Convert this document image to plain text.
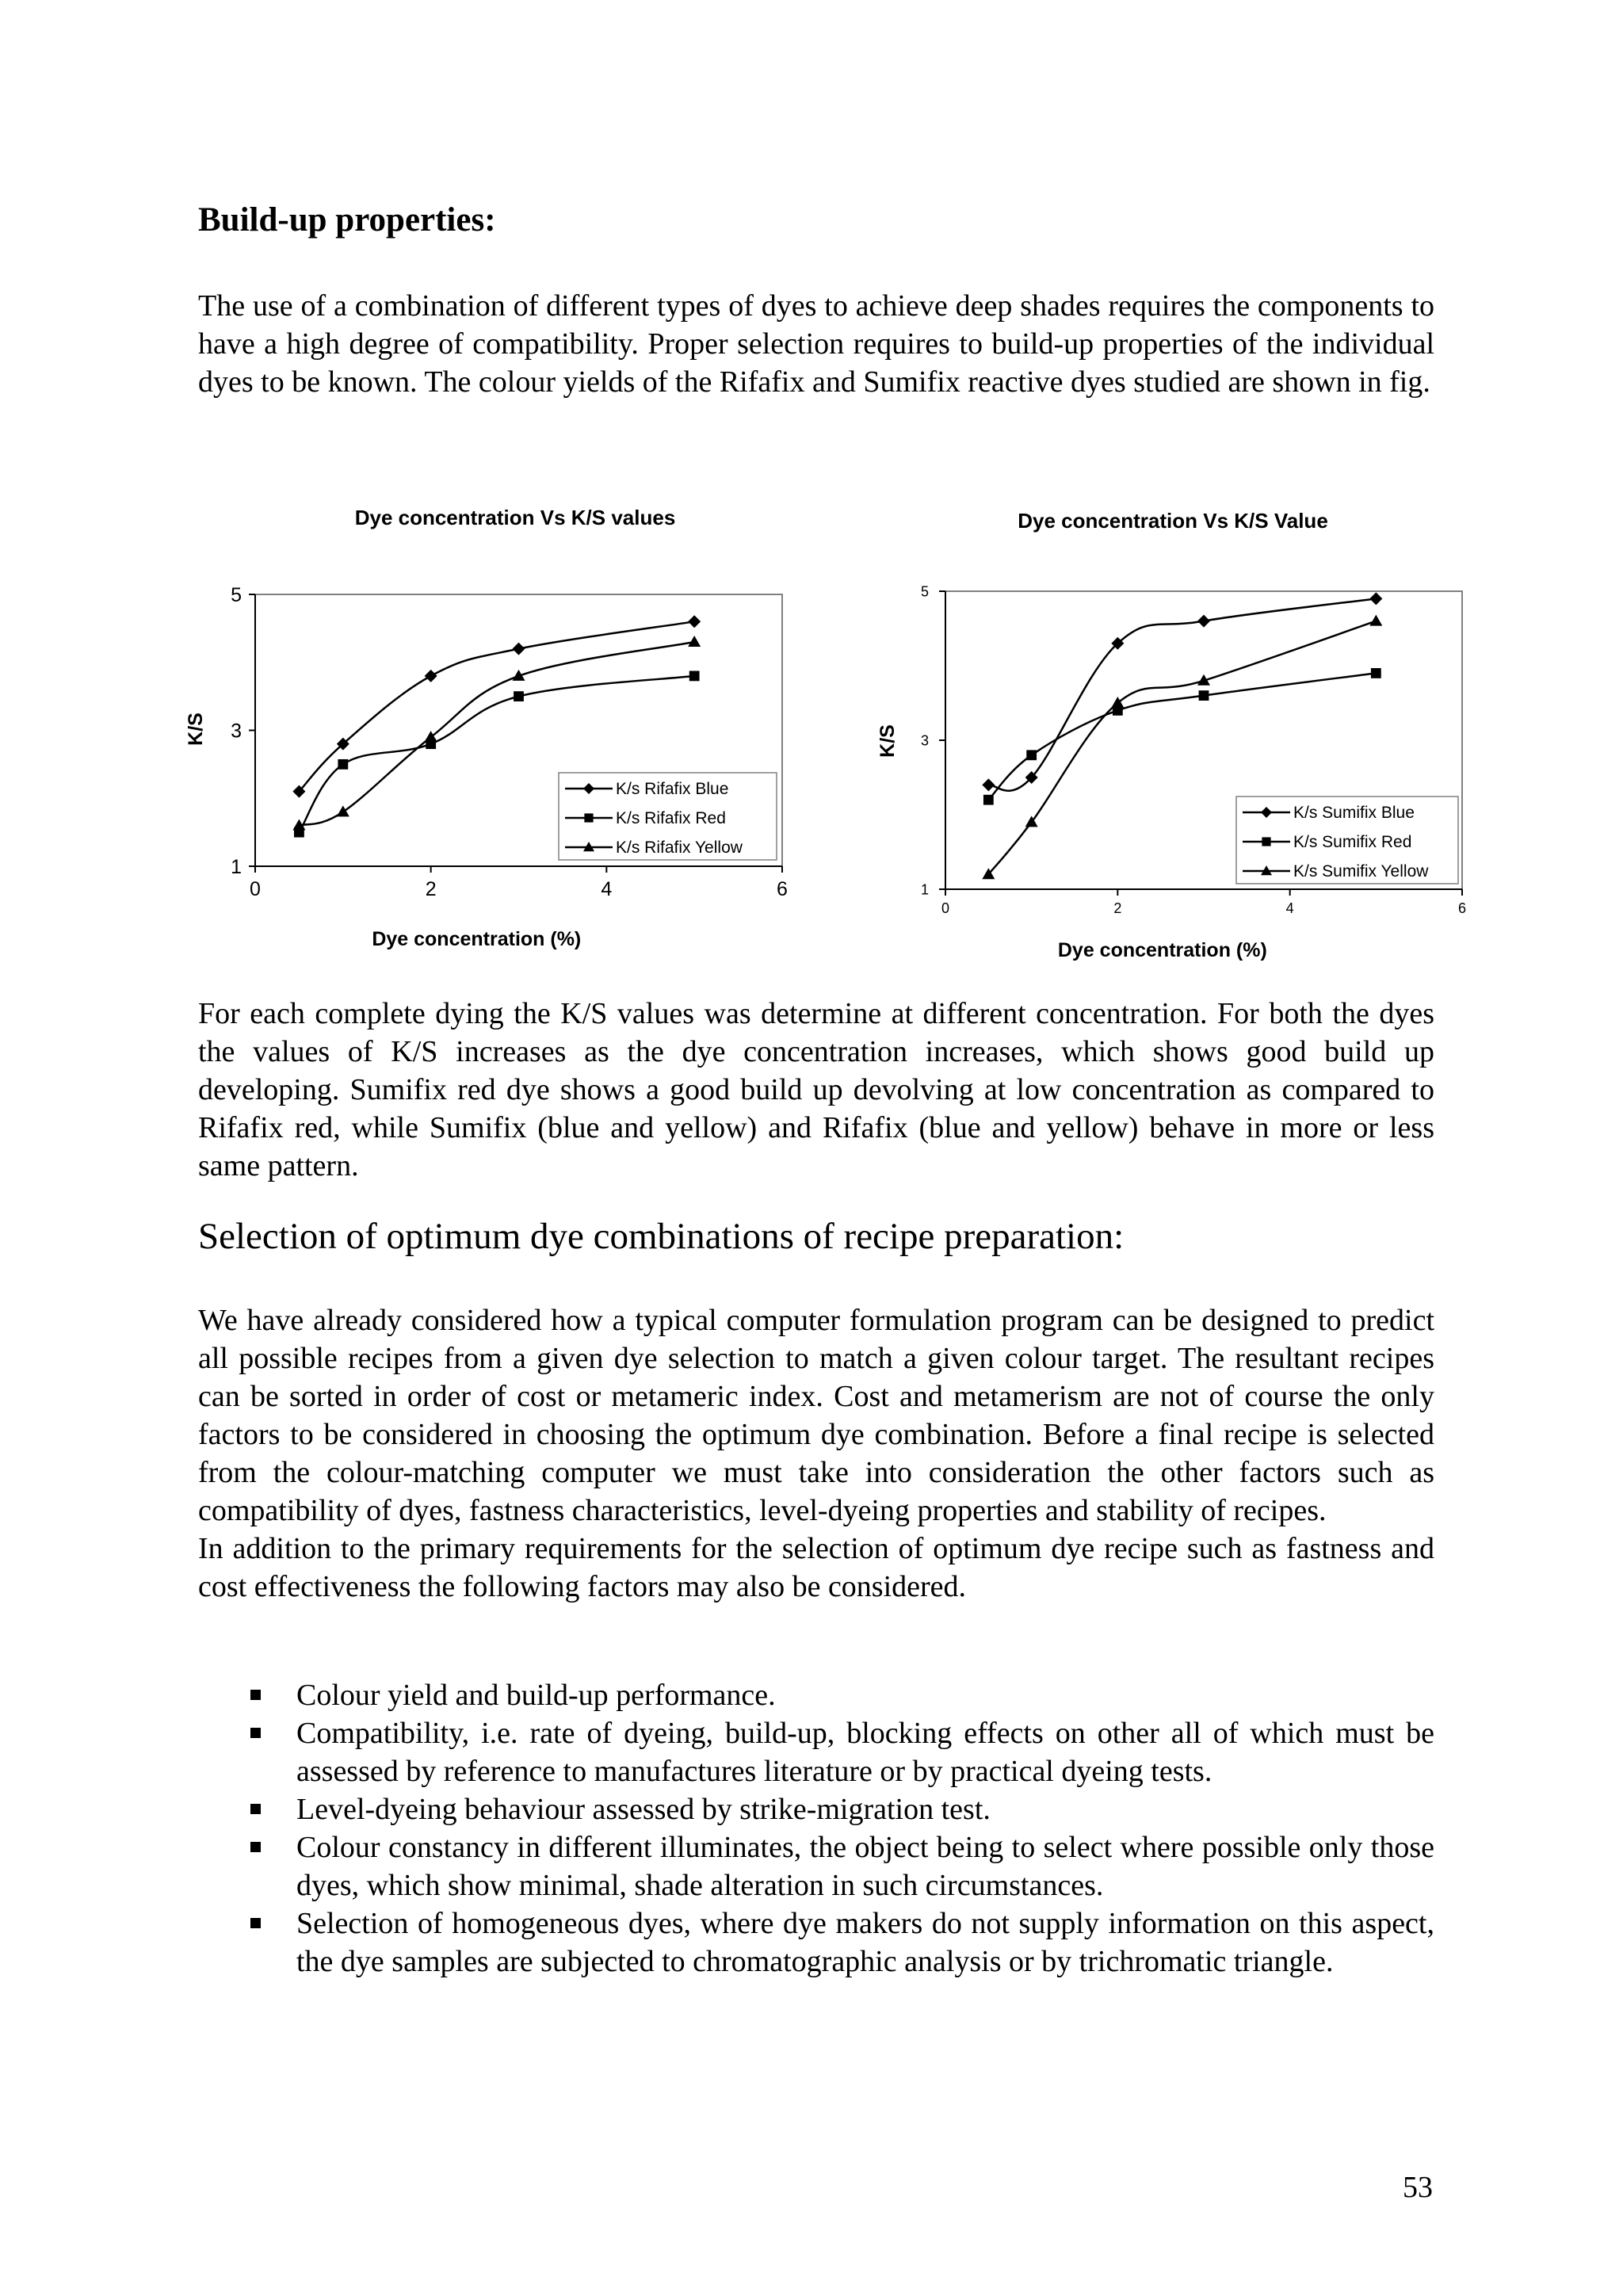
Build-up properties:

The use of a combination of different types of dyes to achieve deep shades requires the components to have a high degree of compatibility. Proper selection requires to build-up properties of the individual dyes to be known. The colour yields of the Rifafix and Sumifix reactive dyes studied are shown in fig.

Dye concentration Vs K/S values
1
3
5
0	2	4	6
Dye concentration (%)
K/S
K/s Rifafix Blue
K/s Rifafix Red
K/s Rifafix Yellow
Dye concentration Vs K/S Value
1
3
5
0	2	4	6
Dye concentration (%)
K/S
K/s Sumifix Blue
K/s Sumifix Red
K/s Sumifix Yellow

For each complete dying the K/S values was determine at different concentration. For both the dyes the values of K/S increases as the dye concentration increases, which shows good build up developing. Sumifix red dye shows a good build up devolving at low concentration as compared to Rifafix red, while Sumifix (blue and yellow) and Rifafix (blue and yellow) behave in more or less same pattern.

Selection of optimum dye combinations of recipe preparation:

We have already considered how a typical computer formulation program can be designed to predict all possible recipes from a given dye selection to match a given colour target. The resultant recipes can be sorted in order of cost or metameric index. Cost and metamerism are not of course the only factors to be considered in choosing the optimum dye combination. Before a final recipe is selected from the colour-matching computer we must take into consideration the other factors such as compatibility of dyes, fastness characteristics, level-dyeing properties and stability of recipes.

In addition to the primary requirements for the selection of optimum dye recipe such as fastness and cost effectiveness the following factors may also be considered.

Colour yield and build-up performance.
Compatibility, i.e. rate of dyeing, build-up, blocking effects on other all of which must be assessed by reference to manufactures literature or by practical dyeing tests.
Level-dyeing behaviour assessed by strike-migration test.
Colour constancy in different illuminates, the object being to select where possible only those dyes, which show minimal, shade alteration in such circumstances.
Selection of homogeneous dyes, where dye makers do not supply information on this aspect, the dye samples are subjected to chromatographic analysis or by trichromatic triangle.
53
